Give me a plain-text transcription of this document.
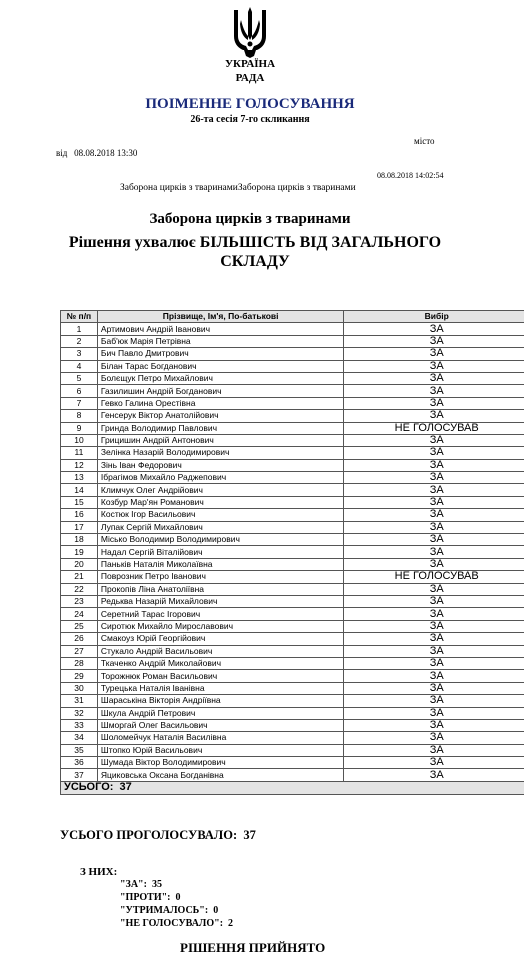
УКРАЇНА
РАДА
ПОІМЕННЕ ГОЛОСУВАННЯ
26-та сесія 7-го скликання
місто
від 08.08.2018 13:30
08.08.2018 14:02:54
Заборона цирків з тваринамиЗаборона цирків з тваринами
Заборона цирків з тваринами
Рішення ухвалює БІЛЬШІСТЬ ВІД ЗАГАЛЬНОГО СКЛАДУ
№ п/п	Прізвище, Ім'я, По-батькові	Вибір
1	Артимович Андрій Іванович	ЗА
2	Баб'юк Марія Петрівна	ЗА
3	Бич Павло Дмитрович	ЗА
4	Білан Тарас Богданович	ЗА
5	Болєщук Петро Михайлович	ЗА
6	Газилишин Андрій Богданович	ЗА
7	Гевко Галина Орестівна	ЗА
8	Генсерук Віктор Анатолійович	ЗА
9	Гринда Володимир Павлович	НЕ ГОЛОСУВАВ
10	Грицишин Андрій Антонович	ЗА
11	Зелінка Назарій Володимирович	ЗА
12	Зінь Іван Федорович	ЗА
13	Ібрагімов Михайло Раджепович	ЗА
14	Климчук Олег Андрійович	ЗА
15	Козбур Мар'ян Романович	ЗА
16	Костюк Ігор Васильович	ЗА
17	Лупак Сергій Михайлович	ЗА
18	Місько Володимир Володимирович	ЗА
19	Надал Сергій Віталійович	ЗА
20	Паньків Наталія Миколаївна	ЗА
21	Поврозник Петро Іванович	НЕ ГОЛОСУВАВ
22	Прокопів Ліна Анатоліївна	ЗА
23	Редькв​а Назарій Михайлович	ЗА
24	Сеpетний Тарас Ігорович	ЗА
25	Сиротюк Михайло Мирославович	ЗА
26	Смакоуз Юрій Георгійович	ЗА
27	Стукало Андрій Васильович	ЗА
28	Ткаченко Андрій Миколайович	ЗА
29	Торожнюк Роман Васильович	ЗА
30	Турецька Наталія Іванівна	ЗА
31	Шараськіна Вікторія Андріївна	ЗА
32	Шкула Андрій Петрович	ЗА
33	Шморгай Олег Васильович	ЗА
34	Шоломейчук Наталія Василівна	ЗА
35	Штопко Юрій Васильович	ЗА
36	Шумада Віктор Володимирович	ЗА
37	Яциковська Оксана Богданівна	ЗА
УСЬОГО: 37		
УСЬОГО ПРОГОЛОСУВАЛО: 37
З НИХ:
"ЗА": 35
"ПРОТИ": 0
"УТРИМАЛОСЬ": 0
"НЕ ГОЛОСУВАЛО": 2
РІШЕННЯ ПРИЙНЯТО
